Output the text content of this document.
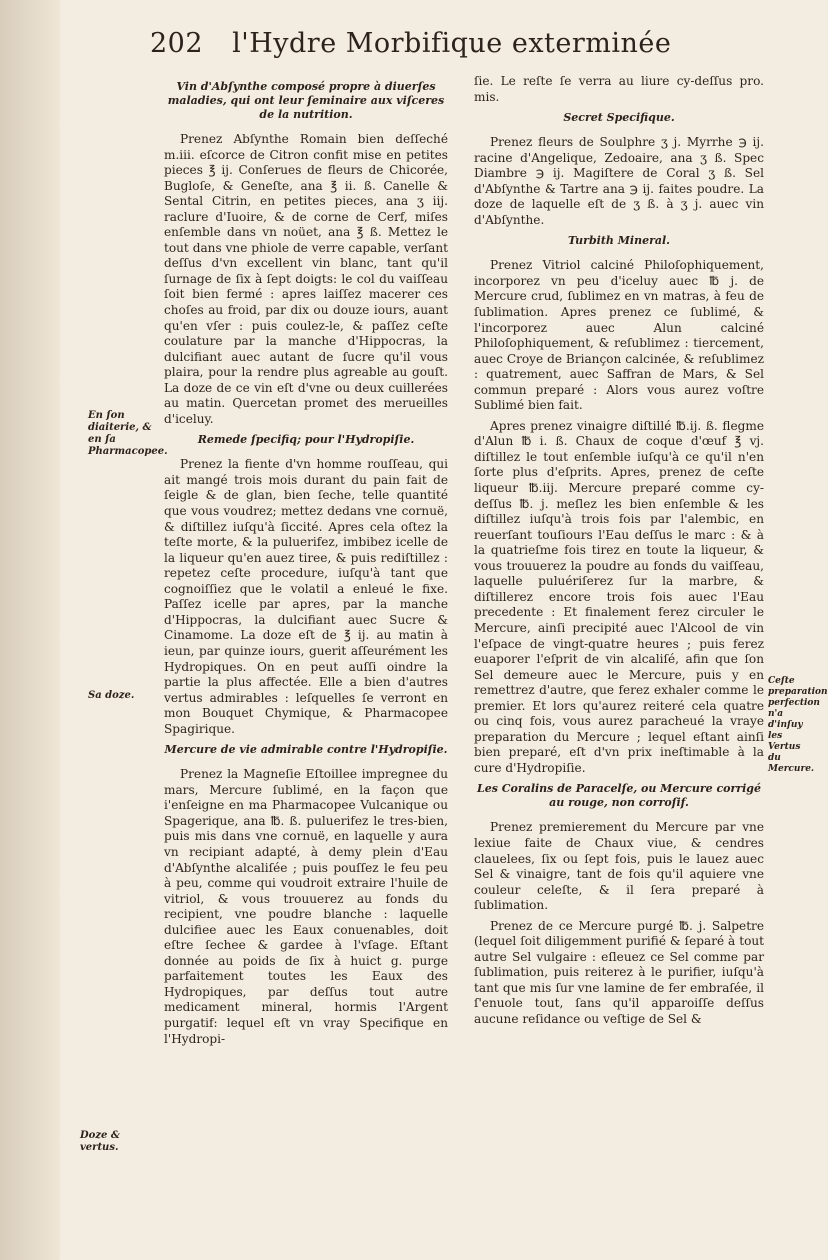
202 l'Hydre Morbifique exterminée
Vin d'Abſynthe composé propre à diuerſes maladies, qui ont leur ſeminaire aux viſceres de la nutrition.

Prenez Abſynthe Romain bien deſſeché m.iii. eſcorce de Citron confit mise en petites pieces ℥ ij. Conſerues de fleurs de Chicorée, Bugloſe, & Geneſte, ana ℥ ii. ß. Canelle & Sental Citrin, en petites pieces, ana ʒ iij. raclure d'Iuoire, & de corne de Cerf, miſes enſemble dans vn noüet, ana ℥ ß. Mettez le tout dans vne phiole de verre capable, verſant deſſus d'vn excellent vin blanc, tant qu'il ſurnage de ſix à ſept doigts: le col du vaiſſeau ſoit bien fermé : apres laiſſez macerer ces choſes au froid, par dix ou douze iours, auant qu'en vſer : puis coulez-le, & paſſez ceſte coulature par la manche d'Hippocras, la dulcifiant auec autant de ſucre qu'il vous plaira, pour la rendre plus agreable au gouſt. La doze de ce vin eſt d'vne ou deux cuillerées au matin. Quercetan promet des merueilles d'iceluy.

Remede ſpecifiq; pour l'Hydropiſie.

Prenez la fiente d'vn homme rouſſeau, qui ait mangé trois mois durant du pain fait de ſeigle & de glan, bien ſeche, telle quantité que vous voudrez; mettez dedans vne cornuë, & diſtillez iuſqu'à ſiccité. Apres cela oſtez la teſte morte, & la puluerifez, imbibez icelle de la liqueur qu'en auez tiree, & puis rediſtillez : repetez ceſte procedure, iuſqu'à tant que cognoiſſiez que le volatil a enleué le fixe. Paſſez icelle par apres, par la manche d'Hippocras, la dulcifiant auec Sucre & Cinamome. La doze eſt de ℥ ij. au matin à ieun, par quinze iours, guerit aſſeurément les Hydropiques. On en peut auſſi oindre la partie la plus affectée. Elle a bien d'autres vertus admirables : leſquelles ſe verront en mon Bouquet Chymique, & Pharmacopee Spagirique.

Mercure de vie admirable contre l'Hydropiſie.

Prenez la Magneſie Eſtoillee impregnee du mars, Mercure ſublimé, en la façon que i'enſeigne en ma Pharmacopee Vulcanique ou Spagerique, ana ℔. ß. puluerifez le tres-bien, puis mis dans vne cornuë, en laquelle y aura vn recipiant adapté, à demy plein d'Eau d'Abſynthe alcaliſée ; puis pouſſez le feu peu à peu, comme qui voudroit extraire l'huile de vitriol, & vous trouuerez au fonds du recipient, vne poudre blanche : laquelle dulcifiee auec les Eaux conuenables, doit eſtre ſechee & gardee à l'vſage. Eſtant donnée au poids de ſix à huict g. purge parfaitement toutes les Eaux des Hydropiques, par deſſus tout autre medicament mineral, hormis l'Argent purgatif: lequel eſt vn vray Specifique en l'Hydropi-

ſie. Le reſte ſe verra au liure cy-deſſus pro. mis.

Secret Specifique.

Prenez fleurs de Soulphre ʒ j. Myrrhe ℈ ij. racine d'Angelique, Zedoaire, ana ʒ ß. Spec Diambre ℈ ij. Magiſtere de Coral ʒ ß. Sel d'Abſynthe & Tartre ana ℈ ij. faites poudre. La doze de laquelle eſt de ʒ ß. à ʒ j. auec vin d'Abſynthe.

Turbith Mineral.

Prenez Vitriol calciné Philoſophiquement, incorporez vn peu d'iceluy auec ℔ j. de Mercure crud, ſublimez en vn matras, à feu de ſublimation. Apres prenez ce ſublimé, & l'incorporez auec Alun calciné Philoſophiquement, & reſublimez : tiercement, auec Croye de Briançon calcinée, & reſublimez : quatrement, auec Saffran de Mars, & Sel commun preparé : Alors vous aurez voſtre Sublimé bien fait.

Apres prenez vinaigre diſtillé ℔.ij. ß. flegme d'Alun ℔ i. ß. Chaux de coque d'œuf ℥ vj. diſtillez le tout enſemble iuſqu'à ce qu'il n'en ſorte plus d'eſprits. Apres, prenez de ceſte liqueur ℔.iij. Mercure preparé comme cy-deſſus ℔. j. meſlez les bien enſemble & les diſtillez iuſqu'à trois fois par l'alembic, en reuerſant touſiours l'Eau deſſus le marc : & à la quatrieſme fois tirez en toute la liqueur, & vous trouuerez la poudre au fonds du vaiſſeau, laquelle puluériſerez ſur la marbre, & diſtillerez encore trois fois auec l'Eau precedente : Et finalement ferez circuler le Mercure, ainſi precipité auec l'Alcool de vin l'eſpace de vingt-quatre heures ; puis ferez euaporer l'eſprit de vin alcaliſé, afin que ſon Sel demeure auec le Mercure, puis y en remettrez d'autre, que ferez exhaler comme le premier. Et lors qu'aurez reiteré cela quatre ou cinq fois, vous aurez paracheué la vraye preparation du Mercure ; lequel eſtant ainſi bien preparé, eſt d'vn prix ineſtimable à la cure d'Hydropiſie.

Les Coralins de Paracelſe, ou Mercure corrigé au rouge, non corroſif.

Prenez premierement du Mercure par vne lexiue faite de Chaux viue, & cendres clauelees, ſix ou ſept fois, puis le lauez auec Sel & vinaigre, tant de fois qu'il aquiere vne couleur celeſte, & il ſera preparé à ſublimation.

Prenez de ce Mercure purgé ℔. j. Salpetre (lequel ſoit diligemment purifié & ſeparé à tout autre Sel vulgaire : eſleuez ce Sel comme par ſublimation, puis reiterez à le purifier, iuſqu'à tant que mis ſur vne lamine de fer embraſée, il ſ'enuole tout, ſans qu'il apparoiſſe deſſus aucune reſidance ou veſtige de Sel &

En ſon diaiterie, & en ſa Pharmacopee.
Sa doze.
Doze & vertus.
Ceſte preparation perfection n'a d'inſuy les Vertus du Mercure.
